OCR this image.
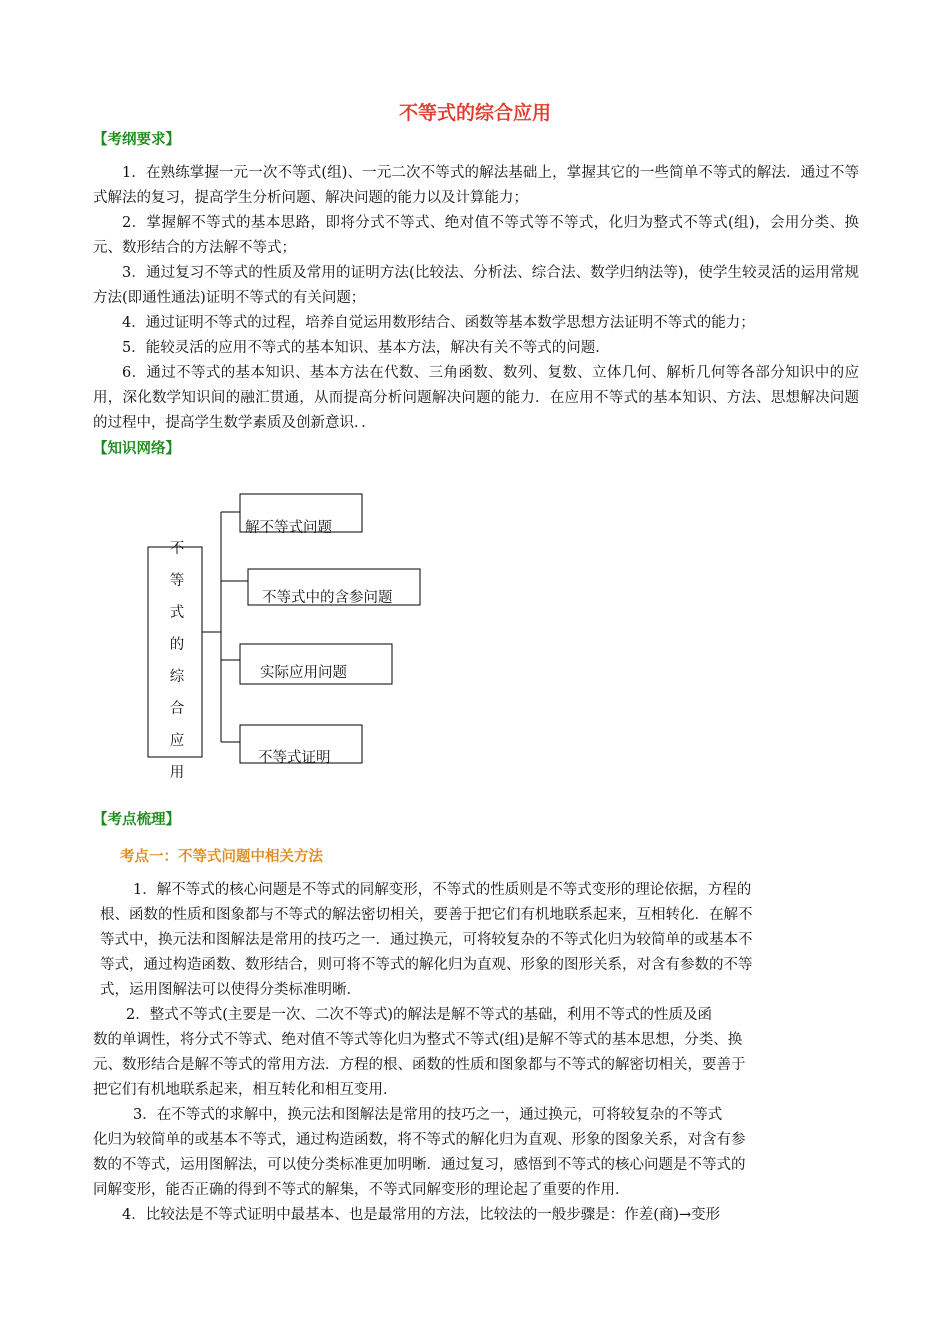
不等式的综合应用
【考纲要求】

1．在熟练掌握一元一次不等式(组)、一元二次不等式的解法基础上，掌握其它的一些简单不等式的解法．通过不等式解法的复习，提高学生分析问题、解决问题的能力以及计算能力；

2．掌握解不等式的基本思路，即将分式不等式、绝对值不等式等不等式，化归为整式不等式(组)，会用分类、换元、数形结合的方法解不等式；

3．通过复习不等式的性质及常用的证明方法(比较法、分析法、综合法、数学归纳法等)，使学生较灵活的运用常规方法(即通性通法)证明不等式的有关问题；

4．通过证明不等式的过程，培养自觉运用数形结合、函数等基本数学思想方法证明不等式的能力；

5．能较灵活的应用不等式的基本知识、基本方法，解决有关不等式的问题．

6．通过不等式的基本知识、基本方法在代数、三角函数、数列、复数、立体几何、解析几何等各部分知识中的应用，深化数学知识间的融汇贯通，从而提高分析问题解决问题的能力．在应用不等式的基本知识、方法、思想解决问题的过程中，提高学生数学素质及创新意识．．

【知识网络】
不
等
式
的
综
合
应
用
解不等式问题
不等式中的含参问题
实际应用问题
不等式证明
【考点梳理】
考点一：不等式问题中相关方法

1．解不等式的核心问题是不等式的同解变形，不等式的性质则是不等式变形的理论依据，方程的

根、函数的性质和图象都与不等式的解法密切相关，要善于把它们有机地联系起来，互相转化．在解不

等式中，换元法和图解法是常用的技巧之一．通过换元，可将较复杂的不等式化归为较简单的或基本不

等式，通过构造函数、数形结合，则可将不等式的解化归为直观、形象的图形关系，对含有参数的不等

式，运用图解法可以使得分类标准明晰．

2．整式不等式(主要是一次、二次不等式)的解法是解不等式的基础，利用不等式的性质及函

数的单调性，将分式不等式、绝对值不等式等化归为整式不等式(组)是解不等式的基本思想，分类、换

元、数形结合是解不等式的常用方法．方程的根、函数的性质和图象都与不等式的解密切相关，要善于

把它们有机地联系起来，相互转化和相互变用．

3．在不等式的求解中，换元法和图解法是常用的技巧之一，通过换元，可将较复杂的不等式

化归为较简单的或基本不等式，通过构造函数，将不等式的解化归为直观、形象的图象关系，对含有参

数的不等式，运用图解法，可以使分类标准更加明晰．通过复习，感悟到不等式的核心问题是不等式的

同解变形，能否正确的得到不等式的解集，不等式同解变形的理论起了重要的作用．

4．比较法是不等式证明中最基本、也是最常用的方法，比较法的一般步骤是：作差(商)→变形
